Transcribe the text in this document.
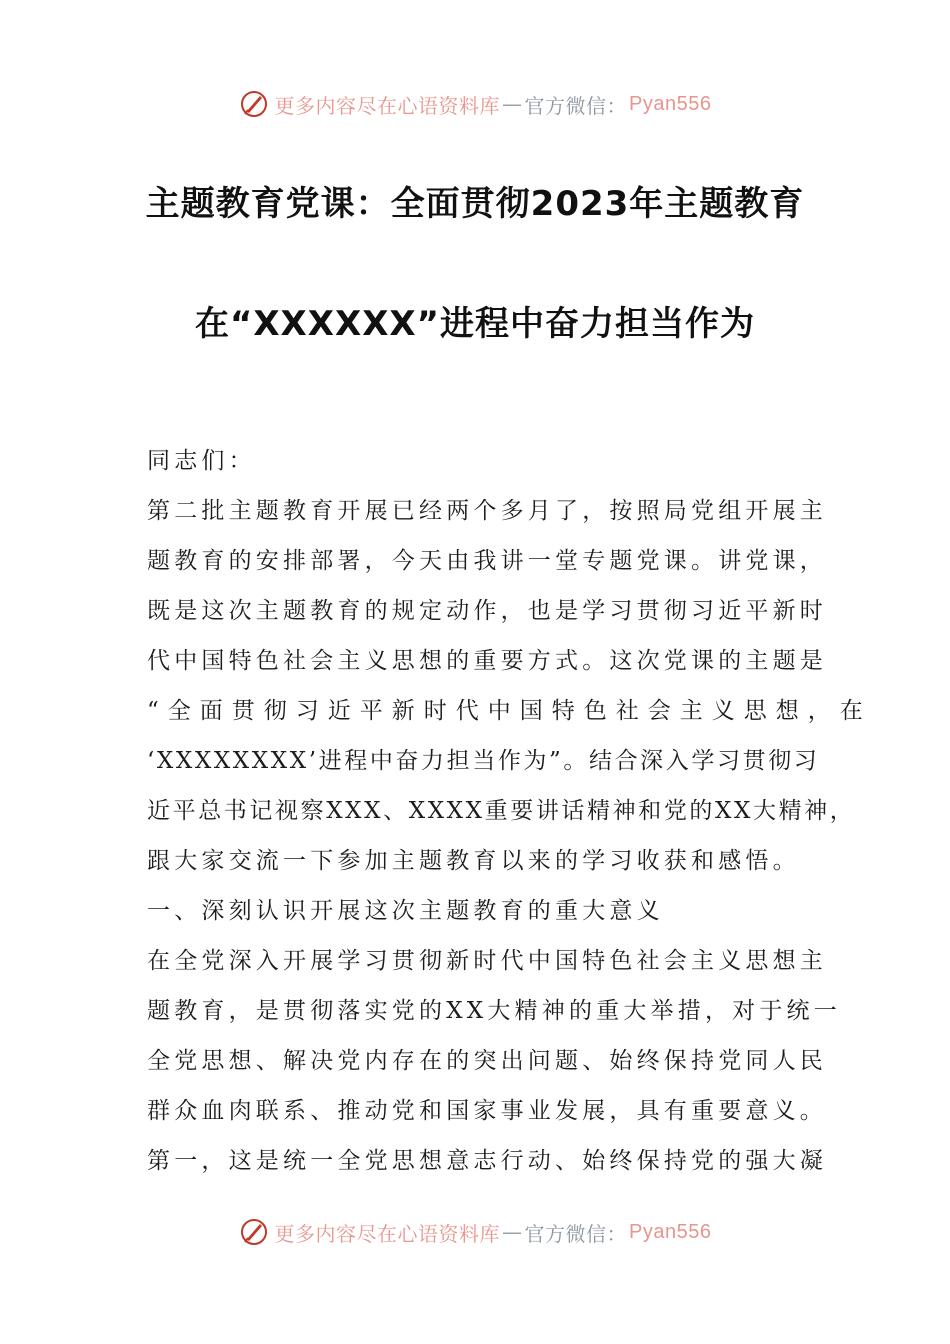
更多内容尽在心语资料库 — 官方微信： Pyan556
主题教育党课：全面贯彻2023年主题教育
在“XXXXXX”进程中奋力担当作为
同志们：
第二批主题教育开展已经两个多月了，按照局党组开展主
题教育的安排部署，今天由我讲一堂专题党课。讲党课，
既是这次主题教育的规定动作，也是学习贯彻习近平新时
代中国特色社会主义思想的重要方式。这次党课的主题是
“全面贯彻习近平新时代中国特色社会主义思想，在
‘XXXXXXXX’进程中奋力担当作为”。结合深入学习贯彻习
近平总书记视察XXX、XXXX重要讲话精神和党的XX大精神，
跟大家交流一下参加主题教育以来的学习收获和感悟。
一、深刻认识开展这次主题教育的重大意义
在全党深入开展学习贯彻新时代中国特色社会主义思想主
题教育，是贯彻落实党的XX大精神的重大举措，对于统一
全党思想、解决党内存在的突出问题、始终保持党同人民
群众血肉联系、推动党和国家事业发展，具有重要意义。
第一，这是统一全党思想意志行动、始终保持党的强大凝
更多内容尽在心语资料库 — 官方微信： Pyan556
